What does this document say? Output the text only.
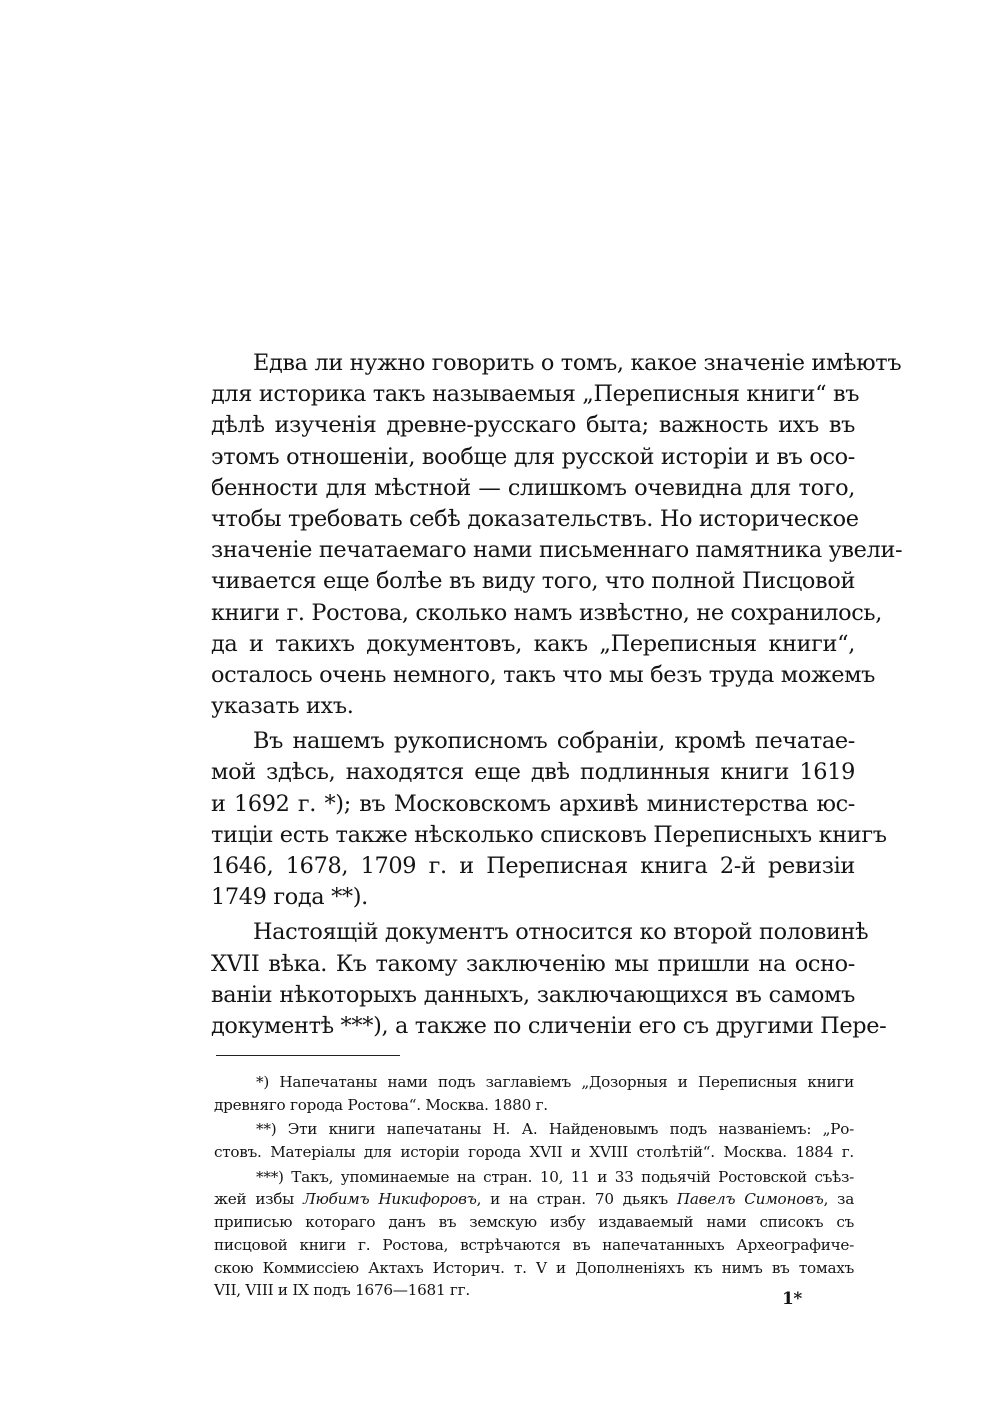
Едва ли нужно говорить о томъ, какое значенiе имѣютъ
для историка такъ называемыя „Переписныя книги“ въ
дѣлѣ изученiя древне-русскаго быта; важность ихъ въ
этомъ отношенiи, вообще для русской исторiи и въ осо-
бенности для мѣстной — слишкомъ очевидна для того,
чтобы требовать себѣ доказательствъ. Но историческое
значенiе печатаемаго нами письменнаго памятника увели-
чивается еще болѣе въ виду того, что полной Писцовой
книги г. Ростова, сколько намъ извѣстно, не сохранилось,
да и такихъ документовъ, какъ „Переписныя книги“,
осталось очень немного, такъ что мы безъ труда можемъ
указать ихъ.
Въ нашемъ рукописномъ собранiи, кромѣ печатае-
мой здѣсь, находятся еще двѣ подлинныя книги 1619
и 1692 г. *); въ Московскомъ архивѣ министерства юс-
тицiи есть также нѣсколько списковъ Переписныхъ книгъ
1646, 1678, 1709 г. и Переписная книга 2-й ревизiи
1749 года **).
Настоящiй документъ относится ко второй половинѣ
XVII вѣка. Къ такому заключенiю мы пришли на осно-
ванiи нѣкоторыхъ данныхъ, заключающихся въ самомъ
документѣ ***), а также по сличенiи его съ другими Пере-
*) Напечатаны нами подъ заглавiемъ „Дозорныя и Переписныя книги
древняго города Ростова“. Москва. 1880 г.
**) Эти книги напечатаны Н. А. Найденовымъ подъ названiемъ: „Ро-
стовъ. Матерiалы для исторiи города XVII и XVIII столѣтiй“. Москва. 1884 г.
***) Такъ, упоминаемые на стран. 10, 11 и 33 подьячiй Ростовской съѣз-
жей избы Любимъ Никифоровъ, и на стран. 70 дьякъ Павелъ Симоновъ, за
приписью котораго данъ въ земскую избу издаваемый нами списокъ съ
писцовой книги г. Ростова, встрѣчаются въ напечатанныхъ Археографиче-
скою Коммиссiею Актахъ Историч. т. V и Дополненiяхъ къ нимъ въ томахъ
VII, VIII и IX подъ 1676—1681 гг.	1*
